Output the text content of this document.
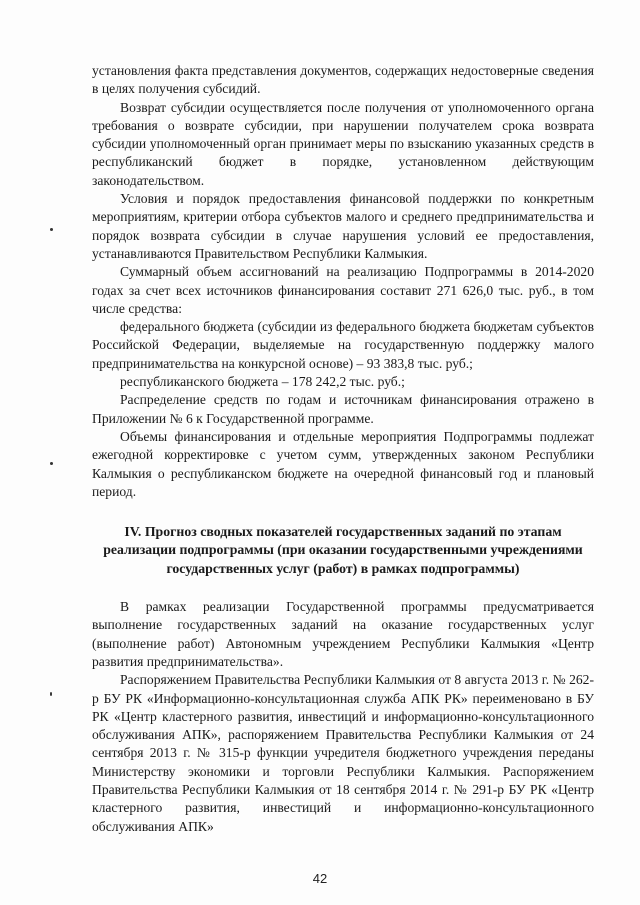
установления факта представления документов, содержащих недостоверные сведения в целях получения субсидий.

Возврат субсидии осуществляется после получения от уполномоченного органа требования о возврате субсидии, при нарушении получателем срока возврата субсидии уполномоченный орган принимает меры по взысканию указанных средств в республиканский бюджет в порядке, установленном действующим законодательством.

Условия и порядок предоставления финансовой поддержки по конкретным мероприятиям, критерии отбора субъектов малого и среднего предпринимательства и порядок возврата субсидии в случае нарушения условий ее предоставления, устанавливаются Правительством Республики Калмыкия.

Суммарный объем ассигнований на реализацию Подпрограммы в 2014-2020 годах за счет всех источников финансирования составит 271 626,0 тыс. руб., в том числе средства:

федерального бюджета (субсидии из федерального бюджета бюджетам субъектов Российской Федерации, выделяемые на государственную поддержку малого предпринимательства на конкурсной основе) – 93 383,8 тыс. руб.;

республиканского бюджета – 178 242,2 тыс. руб.;

Распределение средств по годам и источникам финансирования отражено в Приложении № 6 к Государственной программе.

Объемы финансирования и отдельные мероприятия Подпрограммы подлежат ежегодной корректировке с учетом сумм, утвержденных законом Республики Калмыкия о республиканском бюджете на очередной финансовый год и плановый период.

IV. Прогноз сводных показателей государственных заданий по этапам реализации подпрограммы (при оказании государственными учреждениями государственных услуг (работ) в рамках подпрограммы)

В рамках реализации Государственной программы предусматривается выполнение государственных заданий на оказание государственных услуг (выполнение работ) Автономным учреждением Республики Калмыкия «Центр развития предпринимательства».

Распоряжением Правительства Республики Калмыкия от 8 августа 2013 г. № 262-р БУ РК «Информационно-консультационная служба АПК РК» переименовано в БУ РК «Центр кластерного развития, инвестиций и информационно-консультационного обслуживания АПК», распоряжением Правительства Республики Калмыкия от 24 сентября 2013 г. № 315-р функции учредителя бюджетного учреждения переданы Министерству экономики и торговли Республики Калмыкия. Распоряжением Правительства Республики Калмыкия от 18 сентября 2014 г. № 291-р БУ РК «Центр кластерного развития, инвестиций и информационно-консультационного обслуживания АПК»

42
